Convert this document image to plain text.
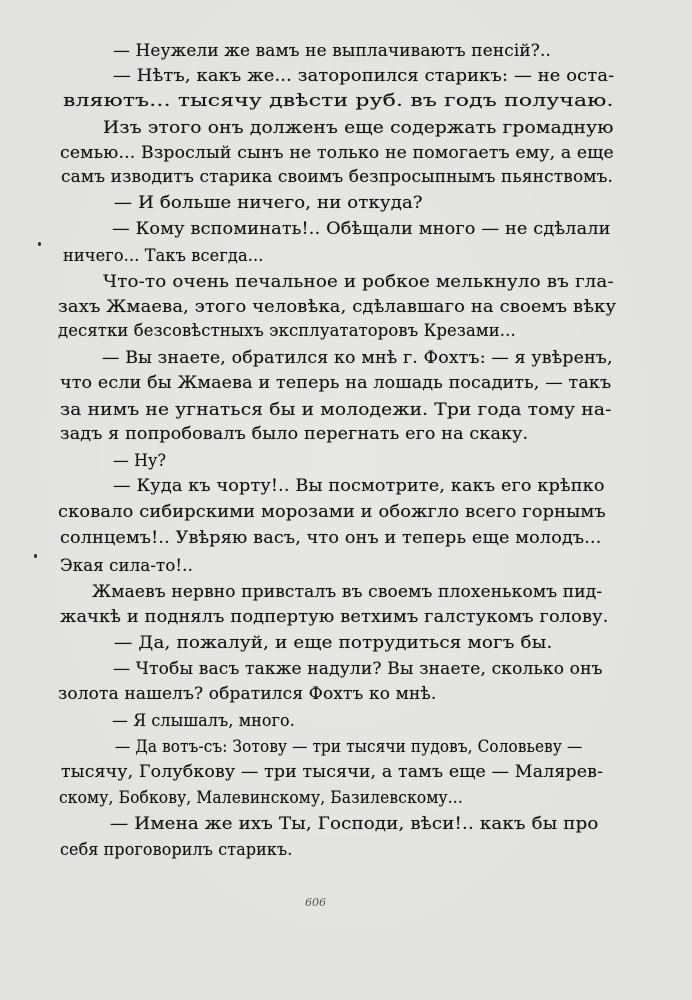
— Неужели же вамъ не выплачиваютъ пенсій?..
— Нѣтъ, какъ же... заторопился старикъ: — не оста-
вляютъ... тысячу двѣсти руб. въ годъ получаю.
Изъ этого онъ долженъ еще содержать громадную
семью... Взрослый сынъ не только не помогаетъ ему, а еще
самъ изводитъ старика своимъ безпросыпнымъ пьянствомъ.
— И больше ничего, ни откуда?
— Кому вспоминать!.. Обѣщали много — не сдѣлали
ничего... Такъ всегда...
Что-то очень печальное и робкое мелькнуло въ гла-
захъ Жмаева, этого человѣка, сдѣлавшаго на своемъ вѣку
десятки безсовѣстныхъ эксплуататоровъ Крезами...
— Вы знаете, обратился ко мнѣ г. Фохтъ: — я увѣренъ,
что если бы Жмаева и теперь на лошадь посадить, — такъ
за нимъ не угнаться бы и молодежи. Три года тому на-
задъ я попробовалъ было перегнать его на скаку.
— Ну?
— Куда къ чорту!.. Вы посмотрите, какъ его крѣпко
сковало сибирскими морозами и обожгло всего горнымъ
солнцемъ!.. Увѣряю васъ, что онъ и теперь еще молодъ...
Экая сила-то!..
Жмаевъ нервно привсталъ въ своемъ плохенькомъ пид-
жачкѣ и поднялъ подпертую ветхимъ галстукомъ голову.
— Да, пожалуй, и еще потрудиться могъ бы.
— Чтобы васъ также надули? Вы знаете, сколько онъ
золота нашелъ? обратился Фохтъ ко мнѣ.
— Я слышалъ, много.
— Да вотъ-съ: Зотову — три тысячи пудовъ, Соловьеву —
тысячу, Голубкову — три тысячи, а тамъ еще — Малярев-
скому, Бобкову, Малевинскому, Базилевскому...
— Имена же ихъ Ты, Господи, вѣси!.. какъ бы про
себя проговорилъ старикъ.
606
